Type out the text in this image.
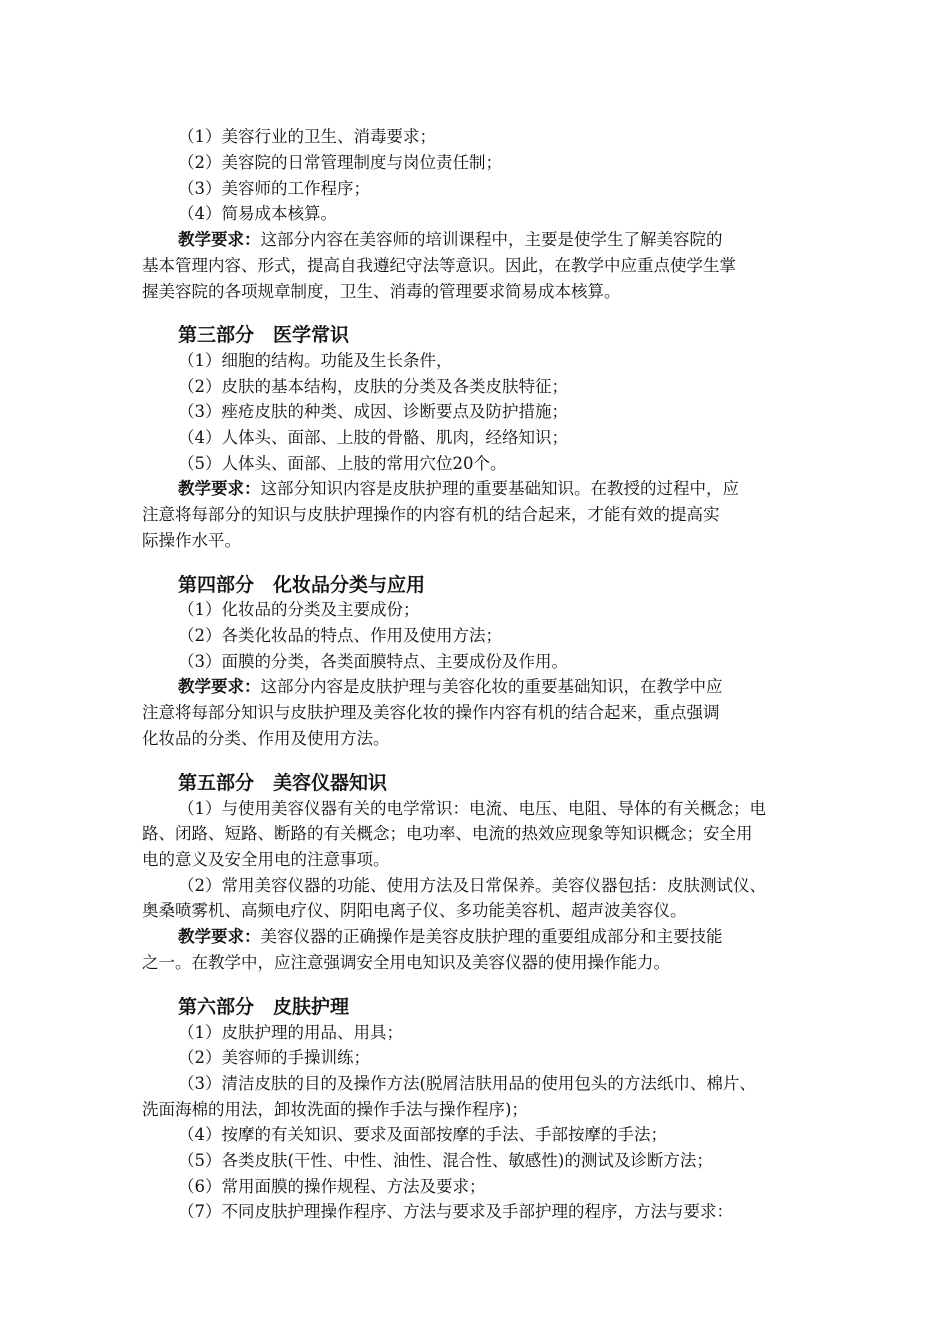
（1）美容行业的卫生、消毒要求；
（2）美容院的日常管理制度与岗位责任制；
（3）美容师的工作程序；
（4）简易成本核算。
教学要求：这部分内容在美容师的培训课程中，主要是使学生了解美容院的
基本管理内容、形式，提高自我遵纪守法等意识。因此，在教学中应重点使学生掌
握美容院的各项规章制度，卫生、消毒的管理要求简易成本核算。
第三部分　医学常识
（1）细胞的结构。功能及生长条件，
（2）皮肤的基本结构，皮肤的分类及各类皮肤特征；
（3）痤疮皮肤的种类、成因、诊断要点及防护措施；
（4）人体头、面部、上肢的骨骼、肌肉，经络知识；
（5）人体头、面部、上肢的常用穴位20个。
教学要求：这部分知识内容是皮肤护理的重要基础知识。在教授的过程中，应
注意将每部分的知识与皮肤护理操作的内容有机的结合起来，才能有效的提高实
际操作水平。
第四部分　化妆品分类与应用
（1）化妆品的分类及主要成份；
（2）各类化妆品的特点、作用及使用方法；
（3）面膜的分类，各类面膜特点、主要成份及作用。
教学要求：这部分内容是皮肤护理与美容化妆的重要基础知识，在教学中应
注意将每部分知识与皮肤护理及美容化妆的操作内容有机的结合起来，重点强调
化妆品的分类、作用及使用方法。
第五部分　美容仪器知识
（1）与使用美容仪器有关的电学常识：电流、电压、电阻、导体的有关概念；电
路、闭路、短路、断路的有关概念；电功率、电流的热效应现象等知识概念；安全用
电的意义及安全用电的注意事项。
（2）常用美容仪器的功能、使用方法及日常保养。美容仪器包括：皮肤测试仪、
奥桑喷雾机、高频电疗仪、阴阳电离子仪、多功能美容机、超声波美容仪。
教学要求：美容仪器的正确操作是美容皮肤护理的重要组成部分和主要技能
之一。在教学中，应注意强调安全用电知识及美容仪器的使用操作能力。
第六部分　皮肤护理
（1）皮肤护理的用品、用具；
（2）美容师的手操训练；
（3）清洁皮肤的目的及操作方法(脱屑洁肤用品的使用包头的方法纸巾、棉片、
洗面海棉的用法，卸妆洗面的操作手法与操作程序)；
（4）按摩的有关知识、要求及面部按摩的手法、手部按摩的手法；
（5）各类皮肤(干性、中性、油性、混合性、敏感性)的测试及诊断方法；
（6）常用面膜的操作规程、方法及要求；
（7）不同皮肤护理操作程序、方法与要求及手部护理的程序，方法与要求：
